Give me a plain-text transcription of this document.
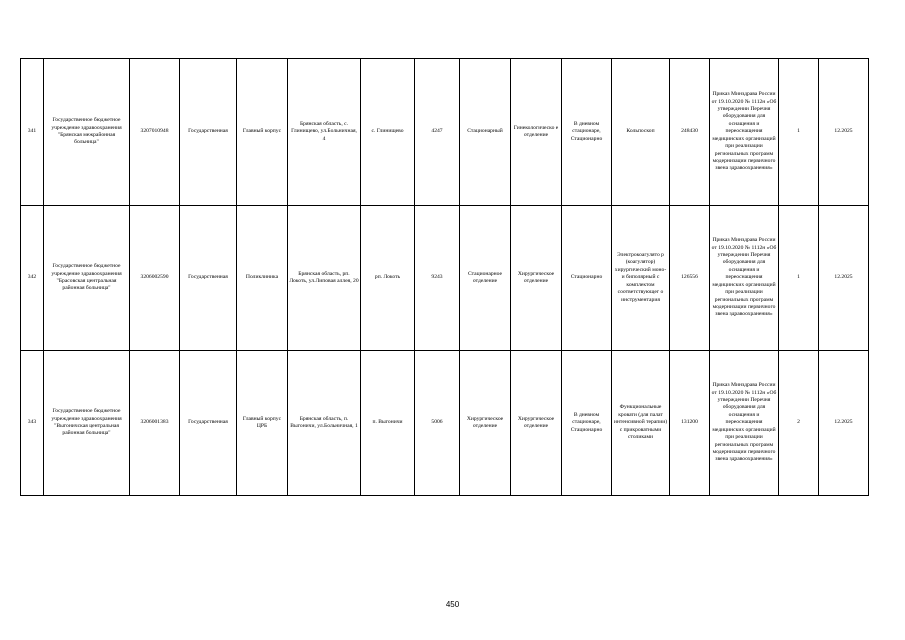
341	Государственное бюджетное учреждение здравоохранения "Брянская межрайонная больница"	3207010948	Государственная	Главный корпус	Брянская область, с. Глинищево, ул.Больничная, 4	с. Глинищево	4247	Стационарный	Гинекологическо е отделение	В дневном стационаре, Стационарно	Кольпоскоп	248430	Приказ Минздрава России от 19.10.2020 № 1112н «Об утверждении Перечня оборудования для оснащения и переоснащения медицинских организаций при реализации региональных программ модернизации первичного звена здравоохранения»	1	12.2025
342	Государственное бюджетное учреждение здравоохранения "Брасовская центральная районная больница"	3206002590	Государственная	Поликлиника	Брянская область, рп. Локоть, ул.Липовая аллея, 20	рп. Локоть	9243	Стационарное отделение	Хирургическое отделение	Стационарно	Электрокоагулято р (коагулятор) хирургический моно- и биполярный с комплектом соответствующег о инструментария	126556	Приказ Минздрава России от 19.10.2020 № 1112н «Об утверждении Перечня оборудования для оснащения и переоснащения медицинских организаций при реализации региональных программ модернизации первичного звена здравоохранения»	1	12.2025
343	Государственное бюджетное учреждение здравоохранения "Выгоничская центральная районная больница"	3206001383	Государственная	Главный корпус ЦРБ	Брянская область, п. Выгоничи, ул.Больничная, 1	п. Выгоничи	5006	Хирургическое отделение	Хирургическое отделение	В дневном стационаре, Стационарно	Функциональные кровати (для палат интенсивной терапии) с прикроватными столиками	131200	Приказ Минздрава России от 19.10.2020 № 1112н «Об утверждении Перечня оборудования для оснащения и переоснащения медицинских организаций при реализации региональных программ модернизации первичного звена здравоохранения»	2	12.2025
450
